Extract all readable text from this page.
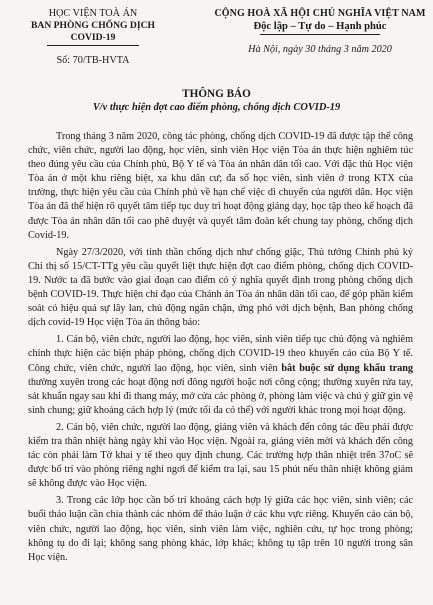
HỌC VIỆN TOÀ ÁN
BAN PHÒNG CHỐNG DỊCH COVID-19
Số: 70/TB-HVTA
CỘNG HOÀ XÃ HỘI CHỦ NGHĨA VIỆT NAM
Độc lập – Tự do – Hạnh phúc
Hà Nội, ngày 30 tháng 3 năm 2020
THÔNG BÁO
V/v thực hiện đợt cao điểm phòng, chống dịch COVID-19

Trong tháng 3 năm 2020, công tác phòng, chống dịch COVID-19 đã được tập thể công chức, viên chức, người lao động, học viên, sinh viên Học viện Tòa án thực hiện nghiêm túc theo đúng yêu cầu của Chính phủ, Bộ Y tế và Tòa án nhân dân tối cao. Với đặc thù Học viện Tòa án ở một khu riêng biệt, xa khu dân cư; đa số học viên, sinh viên ở trong KTX của trường, thực hiện yêu cầu của Chính phủ về hạn chế việc di chuyển của người dân. Học viện Tòa án đã thể hiện rõ quyết tâm tiếp tục duy trì hoạt động giảng dạy, học tập theo kế hoạch đã được Tòa án nhân dân tối cao phê duyệt và quyết tâm đoàn kết chung tay phòng, chống dịch Covid-19.

Ngày 27/3/2020, với tinh thần chống dịch như chống giặc, Thủ tướng Chính phủ ký Chỉ thị số 15/CT-TTg yêu cầu quyết liệt thực hiện đợt cao điểm phòng, chống dịch COVID-19. Nước ta đã bước vào giai đoạn cao điểm có ý nghĩa quyết định trong phòng chống dịch bệnh COVID-19. Thực hiện chỉ đạo của Chánh án Tòa án nhân dân tối cao, để góp phần kiểm soát có hiệu quả sự lây lan, chủ động ngăn chặn, ứng phó với dịch bệnh, Ban phòng chống dịch covid-19 Học viện Tòa án thông báo:

1. Cán bộ, viên chức, người lao động, học viên, sinh viên tiếp tục chủ động và nghiêm chỉnh thực hiện các biện pháp phòng, chống dịch COVID-19 theo khuyến cáo của Bộ Y tế. Công chức, viên chức, người lao động, học viên, sinh viên bắt buộc sử dụng khẩu trang thường xuyên trong các hoạt động nơi đông người hoặc nơi công cộng; thường xuyên rửa tay, sát khuẩn ngay sau khi đi thang máy, mở cửa các phòng ở, phòng làm việc và chú ý giữ gìn vệ sinh chung; giữ khoảng cách hợp lý (mức tối đa có thể) với người khác trong mọi hoạt động.

2. Cán bộ, viên chức, người lao động, giảng viên và khách đến công tác đều phải được kiểm tra thân nhiệt hàng ngày khi vào Học viện. Ngoài ra, giảng viên mời và khách đến công tác còn phải làm Tờ khai y tế theo quy định chung. Các trường hợp thân nhiệt trên 37oC sẽ được bố trí vào phòng riêng nghỉ ngơi để kiểm tra lại, sau 15 phút nếu thân nhiệt không giảm sẽ không được vào Học viện.

3. Trong các lớp học cần bố trí khoảng cách hợp lý giữa các học viên, sinh viên; các buổi thảo luận cần chia thành các nhóm để thảo luận ở các khu vực riêng. Khuyến cáo cán bộ, viên chức, người lao động, học viên, sinh viên làm việc, nghiên cứu, tự học trong phòng; không tụ do đi lại; không sang phòng khác, lớp khác; không tụ tập trên 10 người trong sân Học viện.
